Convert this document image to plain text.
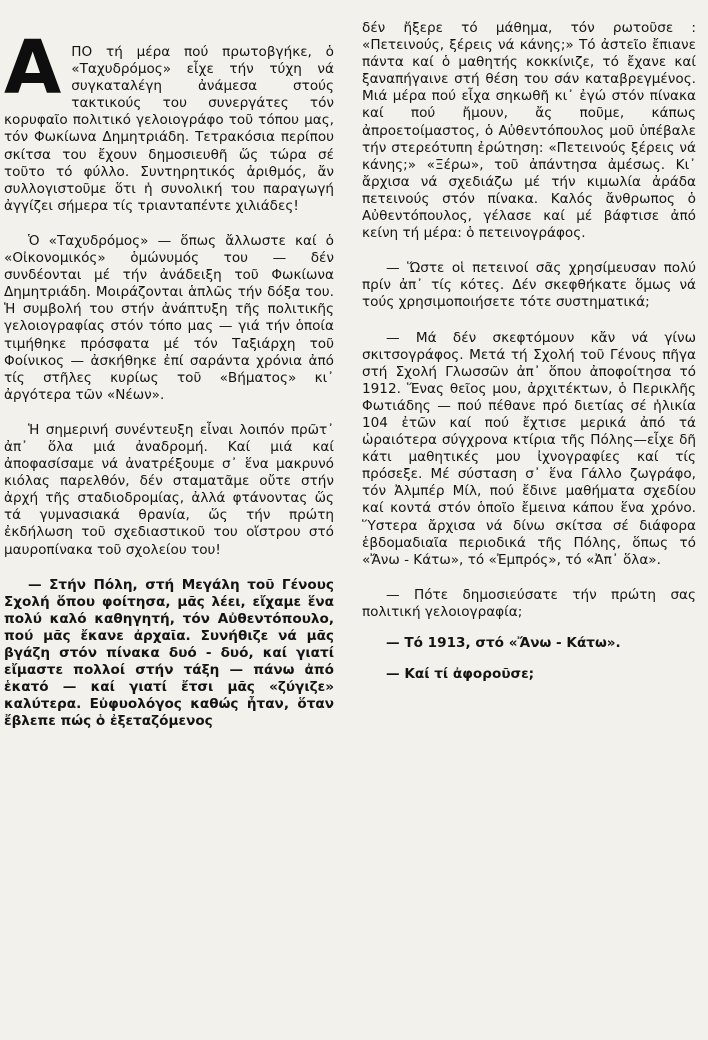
ΑΠΟ τή μέρα πού πρωτοβγήκε, ὁ «Ταχυδρόμος» εἶχε τήν τύχη νά συγκαταλέγη ἀνάμεσα στούς τακτικούς του συνεργάτες τόν κορυφαῖο πολιτικό γελοιογράφο τοῦ τόπου μας, τόν Φωκίωνα Δημητριάδη. Τετρακόσια περίπου σκίτσα του ἔχουν δημοσιευθῆ ὥς τώρα σέ τοῦτο τό φύλλο. Συντηρητικός ἀριθμός, ἄν συλλογιστοῦμε ὅτι ἡ συνολική του παραγωγή ἀγγίζει σήμερα τίς τριανταπέντε χιλιάδες!

Ὁ «Ταχυδρόμος» — ὅπως ἄλλωστε καί ὁ «Οἰκονομικός» ὁμώνυμός του — δέν συνδέονται μέ τήν ἀνάδειξη τοῦ Φωκίωνα Δημητριάδη. Μοιράζονται ἁπλῶς τήν δόξα του. Ἡ συμβολή του στήν ἀνάπτυξη τῆς πολιτικῆς γελοιογραφίας στόν τόπο μας — γιά τήν ὁποία τιμήθηκε πρόσφατα μέ τόν Ταξιάρχη τοῦ Φοίνικος — ἀσκήθηκε ἐπί σαράντα χρόνια ἀπό τίς στῆλες κυρίως τοῦ «Βήματος» κι᾿ ἀργότερα τῶν «Νέων».

Ἡ σημερινή συνέντευξη εἶναι λοιπόν πρῶτ᾿ ἀπ᾿ ὅλα μιά ἀναδρομή. Καί μιά καί ἀποφασίσαμε νά ἀνατρέξουμε σ᾿ ἕνα μακρυνό κιόλας παρελθόν, δέν σταματᾶμε οὔτε στήν ἀρχή τῆς σταδιοδρομίας, ἀλλά φτάνοντας ὥς τά γυμνασιακά θρανία, ὥς τήν πρώτη ἐκδήλωση τοῦ σχεδιαστικοῦ του οἴστρου στό μαυροπίνακα τοῦ σχολείου του!

— Στήν Πόλη, στή Μεγάλη τοῦ Γένους Σχολή ὅπου φοίτησα, μᾶς λέει, εἴχαμε ἕνα πολύ καλό καθηγητή, τόν Αὐθεντόπουλο, πού μᾶς ἔκανε ἀρχαῖα. Συνήθιζε νά μᾶς βγάζη στόν πίνακα δυό - δυό, καί γιατί εἴμαστε πολλοί στήν τάξη — πάνω ἀπό ἑκατό — καί γιατί ἔτσι μᾶς «ζύγιζε» καλύτερα. Εὐφυολόγος καθώς ἦταν, ὅταν ἔβλεπε πώς ὁ ἐξεταζόμενος

δέν ἤξερε τό μάθημα, τόν ρωτοῦσε : «Πετεινούς, ξέρεις νά κάνης;» Τό ἀστεῖο ἔπιανε πάντα καί ὁ μαθητής κοκκίνιζε, τό ἔχανε καί ξαναπήγαινε στή θέση του σάν καταβρεγμένος. Μιά μέρα πού εἶχα σηκωθῆ κι᾿ ἐγώ στόν πίνακα καί πού ἤμουν, ἄς ποῦμε, κάπως ἀπροετοίμαστος, ὁ Αὐθεντόπουλος μοῦ ὑπέβαλε τήν στερεότυπη ἐρώτηση: «Πετεινούς ξέρεις νά κάνης;» «Ξέρω», τοῦ ἀπάντησα ἀμέσως. Κι᾿ ἄρχισα νά σχεδιάζω μέ τήν κιμωλία ἀράδα πετεινούς στόν πίνακα. Καλός ἄνθρωπος ὁ Αὐθεντόπουλος, γέλασε καί μέ βάφτισε ἀπό κείνη τή μέρα: ὁ πετεινογράφος.

— Ὥστε οἱ πετεινοί σᾶς χρησίμευσαν πολύ πρίν ἀπ᾿ τίς κότες. Δέν σκεφθήκατε ὅμως νά τούς χρησιμοποιήσετε τότε συστηματικά;

— Μά δέν σκεφτόμουν κἄν νά γίνω σκιτσογράφος. Μετά τή Σχολή τοῦ Γένους πῆγα στή Σχολή Γλωσσῶν ἀπ᾿ ὅπου ἀποφοίτησα τό 1912. Ἕνας θεῖος μου, ἀρχιτέκτων, ὁ Περικλῆς Φωτιάδης — πού πέθανε πρό διετίας σέ ἡλικία 104 ἐτῶν καί πού ἔχτισε μερικά ἀπό τά ὡραιότερα σύγχρονα κτίρια τῆς Πόλης—εἶχε δῆ κάτι μαθητικές μου ἰχνογραφίες καί τίς πρόσεξε. Μέ σύσταση σ᾿ ἕνα Γάλλο ζωγράφο, τόν Ἀλμπέρ Μίλ, πού ἔδινε μαθήματα σχεδίου καί κοντά στόν ὁποῖο ἔμεινα κάπου ἕνα χρόνο. Ὕστερα ἄρχισα νά δίνω σκίτσα σέ διάφορα ἑβδομαδιαῖα περιοδικά τῆς Πόλης, ὅπως τό «Ἄνω - Κάτω», τό «Ἐμπρός», τό «Ἀπ᾿ ὅλα».

— Πότε δημοσιεύσατε τήν πρώτη σας πολιτική γελοιογραφία;

— Τό 1913, στό «Ἄνω - Κάτω».

— Καί τί ἀφοροῦσε;
